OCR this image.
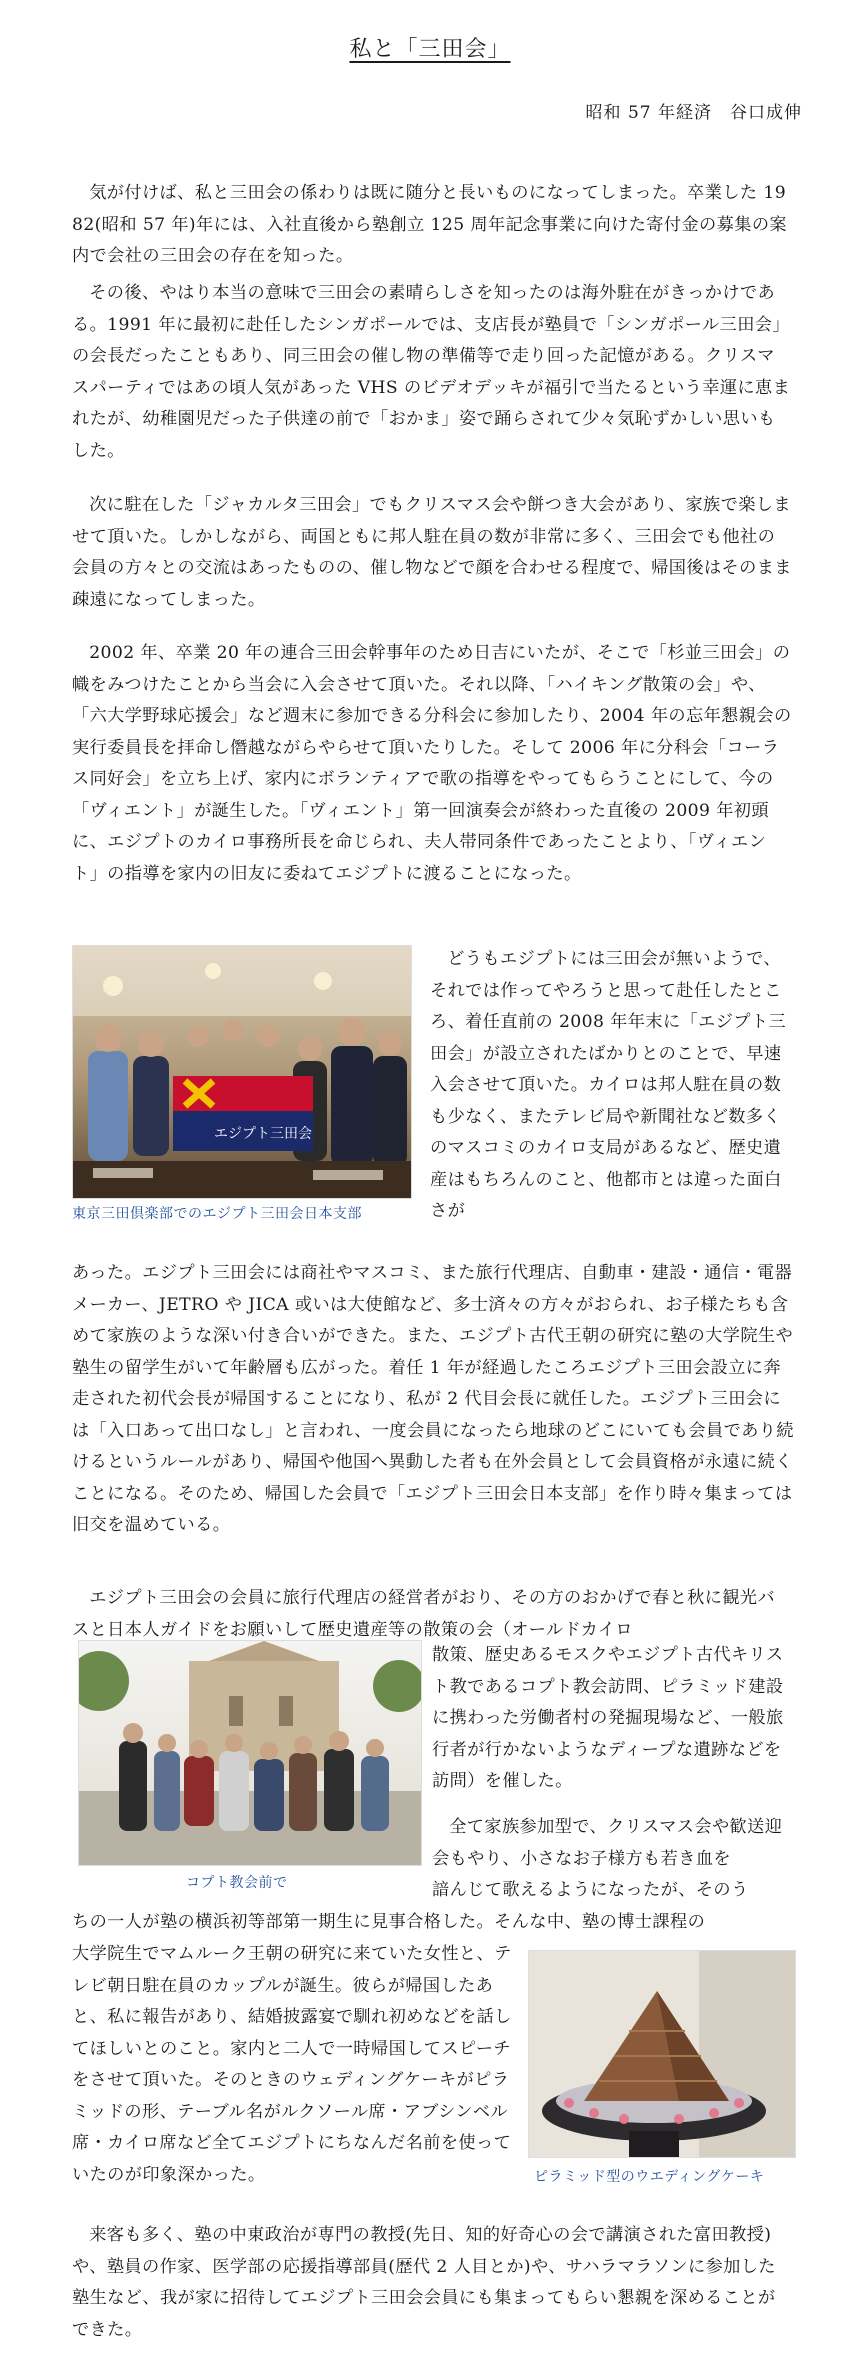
私と「三田会」
昭和 57 年経済　谷口成伸

気が付けば、私と三田会の係わりは既に随分と長いものになってしまった。卒業した 1982(昭和 57 年)年には、入社直後から塾創立 125 周年記念事業に向けた寄付金の募集の案内で会社の三田会の存在を知った。

その後、やはり本当の意味で三田会の素晴らしさを知ったのは海外駐在がきっかけである。1991 年に最初に赴任したシンガポールでは、支店長が塾員で「シンガポール三田会」の会長だったこともあり、同三田会の催し物の準備等で走り回った記憶がある。クリスマスパーティではあの頃人気があった VHS のビデオデッキが福引で当たるという幸運に恵まれたが、幼稚園児だった子供達の前で「おかま」姿で踊らされて少々気恥ずかしい思いもした。

次に駐在した「ジャカルタ三田会」でもクリスマス会や餅つき大会があり、家族で楽しませて頂いた。しかしながら、両国ともに邦人駐在員の数が非常に多く、三田会でも他社の会員の方々との交流はあったものの、催し物などで顔を合わせる程度で、帰国後はそのまま疎遠になってしまった。

2002 年、卒業 20 年の連合三田会幹事年のため日吉にいたが、そこで「杉並三田会」の幟をみつけたことから当会に入会させて頂いた。それ以降、「ハイキング散策の会」や、「六大学野球応援会」など週末に参加できる分科会に参加したり、2004 年の忘年懇親会の実行委員長を拝命し僭越ながらやらせて頂いたりした。そして 2006 年に分科会「コーラス同好会」を立ち上げ、家内にボランティアで歌の指導をやってもらうことにして、今の「ヴィエント」が誕生した。「ヴィエント」第一回演奏会が終わった直後の 2009 年初頭に、エジプトのカイロ事務所長を命じられ、夫人帯同条件であったことより、「ヴィエント」の指導を家内の旧友に委ねてエジプトに渡ることになった。

エジプト三田会
東京三田倶楽部でのエジプト三田会日本支部

どうもエジプトには三田会が無いようで、それでは作ってやろうと思って赴任したところ、着任直前の 2008 年年末に「エジプト三田会」が設立されたばかりとのことで、早速入会させて頂いた。カイロは邦人駐在員の数も少なく、またテレビ局や新聞社など数多くのマスコミのカイロ支局があるなど、歴史遺産はもちろんのこと、他都市とは違った面白さが

あった。エジプト三田会には商社やマスコミ、また旅行代理店、自動車・建設・通信・電器メーカー、JETRO や JICA 或いは大使館など、多士済々の方々がおられ、お子様たちも含めて家族のような深い付き合いができた。また、エジプト古代王朝の研究に塾の大学院生や塾生の留学生がいて年齢層も広がった。着任 1 年が経過したころエジプト三田会設立に奔走された初代会長が帰国することになり、私が 2 代目会長に就任した。エジプト三田会には「入口あって出口なし」と言われ、一度会員になったら地球のどこにいても会員であり続けるというルールがあり、帰国や他国へ異動した者も在外会員として会員資格が永遠に続くことになる。そのため、帰国した会員で「エジプト三田会日本支部」を作り時々集まっては旧交を温めている。

エジプト三田会の会員に旅行代理店の経営者がおり、その方のおかげで春と秋に観光バスと日本人ガイドをお願いして歴史遺産等の散策の会（オールドカイロ

コプト教会前で

散策、歴史あるモスクやエジプト古代キリスト教であるコプト教会訪問、ピラミッド建設に携わった労働者村の発掘現場など、一般旅行者が行かないようなディープな遺跡などを訪問）を催した。

全て家族参加型で、クリスマス会や歓送迎会もやり、小さなお子様方も若き血を

諳んじて歌えるようになったが、そのう

ちの一人が塾の横浜初等部第一期生に見事合格した。そんな中、塾の博士課程の

大学院生でマムルーク王朝の研究に来ていた女性と、テレビ朝日駐在員のカップルが誕生。彼らが帰国したあと、私に報告があり、結婚披露宴で馴れ初めなどを話してほしいとのこと。家内と二人で一時帰国してスピーチをさせて頂いた。そのときのウェディングケーキがピラミッドの形、テーブル名がルクソール席・アブシンベル席・カイロ席など全てエジプトにちなんだ名前を使っていたのが印象深かった。	ピラミッド型のウエディングケーキ

来客も多く、塾の中東政治が専門の教授(先日、知的好奇心の会で講演された富田教授)や、塾員の作家、医学部の応援指導部員(歴代 2 人目とか)や、サハラマラソンに参加した塾生など、我が家に招待してエジプト三田会会員にも集まってもらい懇親を深めることができた。
